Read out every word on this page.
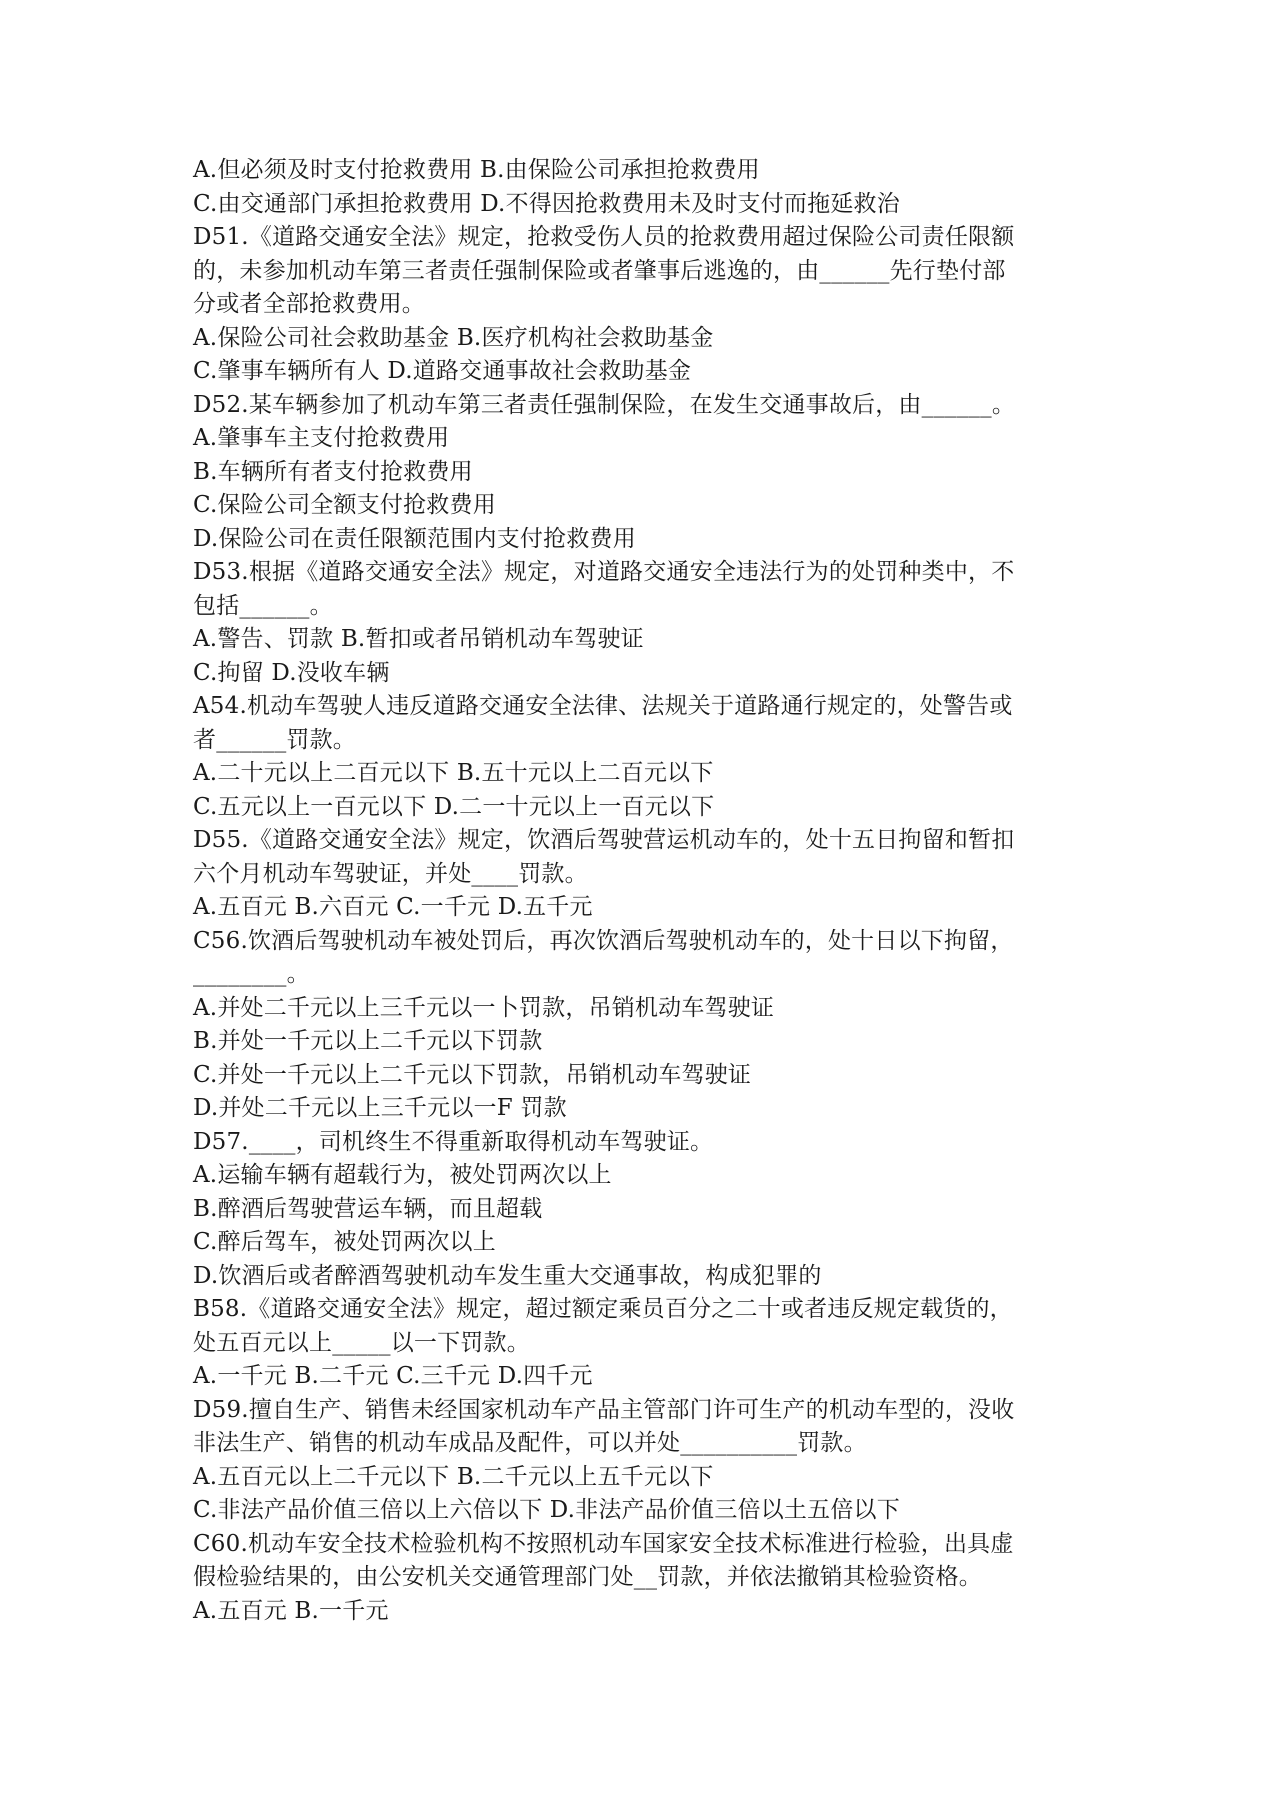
A.但必须及时支付抢救费用 B.由保险公司承担抢救费用
C.由交通部门承担抢救费用 D.不得因抢救费用未及时支付而拖延救治
D51.《道路交通安全法》规定，抢救受伤人员的抢救费用超过保险公司责任限额
的，未参加机动车第三者责任强制保险或者肇事后逃逸的，由______先行垫付部
分或者全部抢救费用。
A.保险公司社会救助基金 B.医疗机构社会救助基金
C.肇事车辆所有人 D.道路交通事故社会救助基金
D52.某车辆参加了机动车第三者责任强制保险，在发生交通事故后，由______。
A.肇事车主支付抢救费用
B.车辆所有者支付抢救费用
C.保险公司全额支付抢救费用
D.保险公司在责任限额范围内支付抢救费用
D53.根据《道路交通安全法》规定，对道路交通安全违法行为的处罚种类中，不
包括______。
A.警告、罚款 B.暂扣或者吊销机动车驾驶证
C.拘留 D.没收车辆
A54.机动车驾驶人违反道路交通安全法律、法规关于道路通行规定的，处警告或
者______罚款。
A.二十元以上二百元以下 B.五十元以上二百元以下
C.五元以上一百元以下 D.二一十元以上一百元以下
D55.《道路交通安全法》规定，饮酒后驾驶营运机动车的，处十五日拘留和暂扣
六个月机动车驾驶证，并处____罚款。
A.五百元 B.六百元 C.一千元 D.五千元
C56.饮酒后驾驶机动车被处罚后，再次饮酒后驾驶机动车的，处十日以下拘留，
________。
A.并处二千元以上三千元以一卜罚款，吊销机动车驾驶证
B.并处一千元以上二千元以下罚款
C.并处一千元以上二千元以下罚款，吊销机动车驾驶证
D.并处二千元以上三千元以一F 罚款
D57.____，司机终生不得重新取得机动车驾驶证。
A.运输车辆有超载行为，被处罚两次以上
B.醉酒后驾驶营运车辆，而且超载
C.醉后驾车，被处罚两次以上
D.饮酒后或者醉酒驾驶机动车发生重大交通事故，构成犯罪的
B58.《道路交通安全法》规定，超过额定乘员百分之二十或者违反规定载货的，
处五百元以上_____以一下罚款。
A.一千元 B.二千元 C.三千元 D.四千元
D59.擅自生产、销售未经国家机动车产品主管部门许可生产的机动车型的，没收
非法生产、销售的机动车成品及配件，可以并处__________罚款。
A.五百元以上二千元以下 B.二千元以上五千元以下
C.非法产品价值三倍以上六倍以下 D.非法产品价值三倍以土五倍以下
C60.机动车安全技术检验机构不按照机动车国家安全技术标准进行检验，出具虚
假检验结果的，由公安机关交通管理部门处__罚款，并依法撤销其检验资格。
A.五百元 B.一千元
